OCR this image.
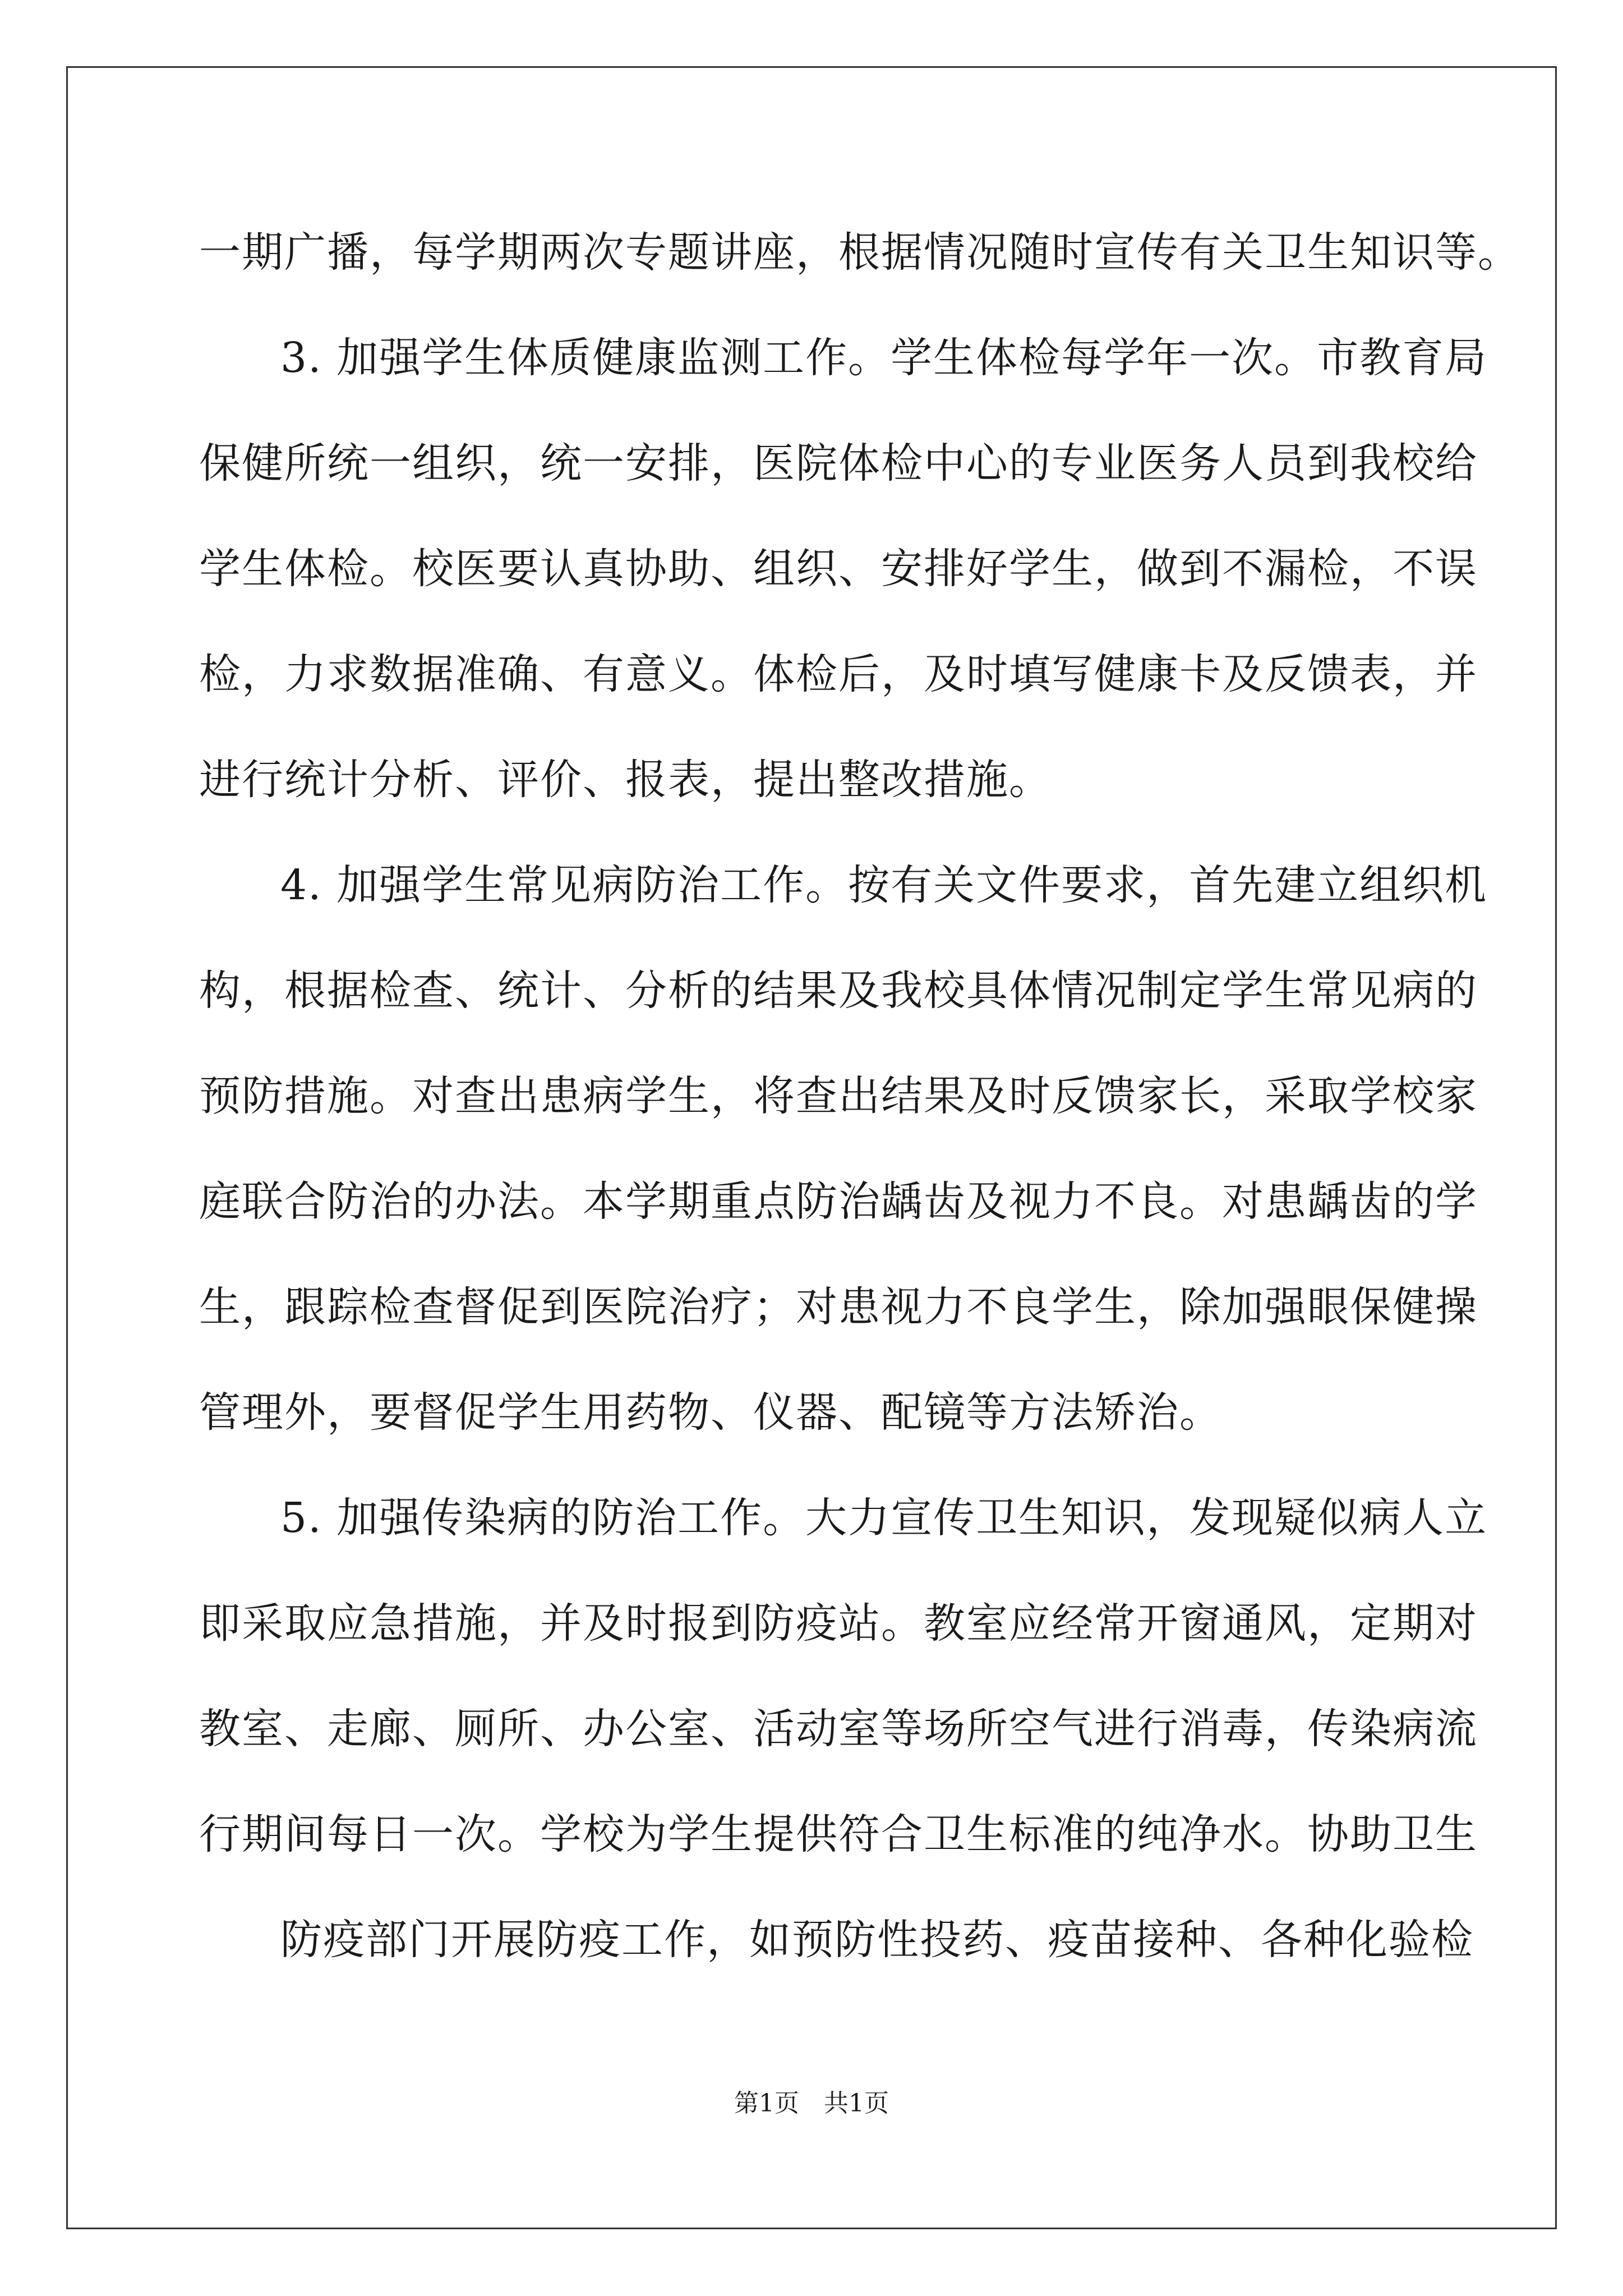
一期广播，每学期两次专题讲座，根据情况随时宣传有关卫生知识等。
3. 加强学生体质健康监测工作。学生体检每学年一次。市教育局
保健所统一组织，统一安排，医院体检中心的专业医务人员到我校给
学生体检。校医要认真协助、组织、安排好学生，做到不漏检，不误
检，力求数据准确、有意义。体检后，及时填写健康卡及反馈表，并
进行统计分析、评价、报表，提出整改措施。
4. 加强学生常见病防治工作。按有关文件要求，首先建立组织机
构，根据检查、统计、分析的结果及我校具体情况制定学生常见病的
预防措施。对查出患病学生，将查出结果及时反馈家长，采取学校家
庭联合防治的办法。本学期重点防治龋齿及视力不良。对患龋齿的学
生，跟踪检查督促到医院治疗；对患视力不良学生，除加强眼保健操
管理外，要督促学生用药物、仪器、配镜等方法矫治。
5. 加强传染病的防治工作。大力宣传卫生知识，发现疑似病人立
即采取应急措施，并及时报到防疫站。教室应经常开窗通风，定期对
教室、走廊、厕所、办公室、活动室等场所空气进行消毒，传染病流
行期间每日一次。学校为学生提供符合卫生标准的纯净水。协助卫生
防疫部门开展防疫工作，如预防性投药、疫苗接种、各种化验检
第1页　共1页
